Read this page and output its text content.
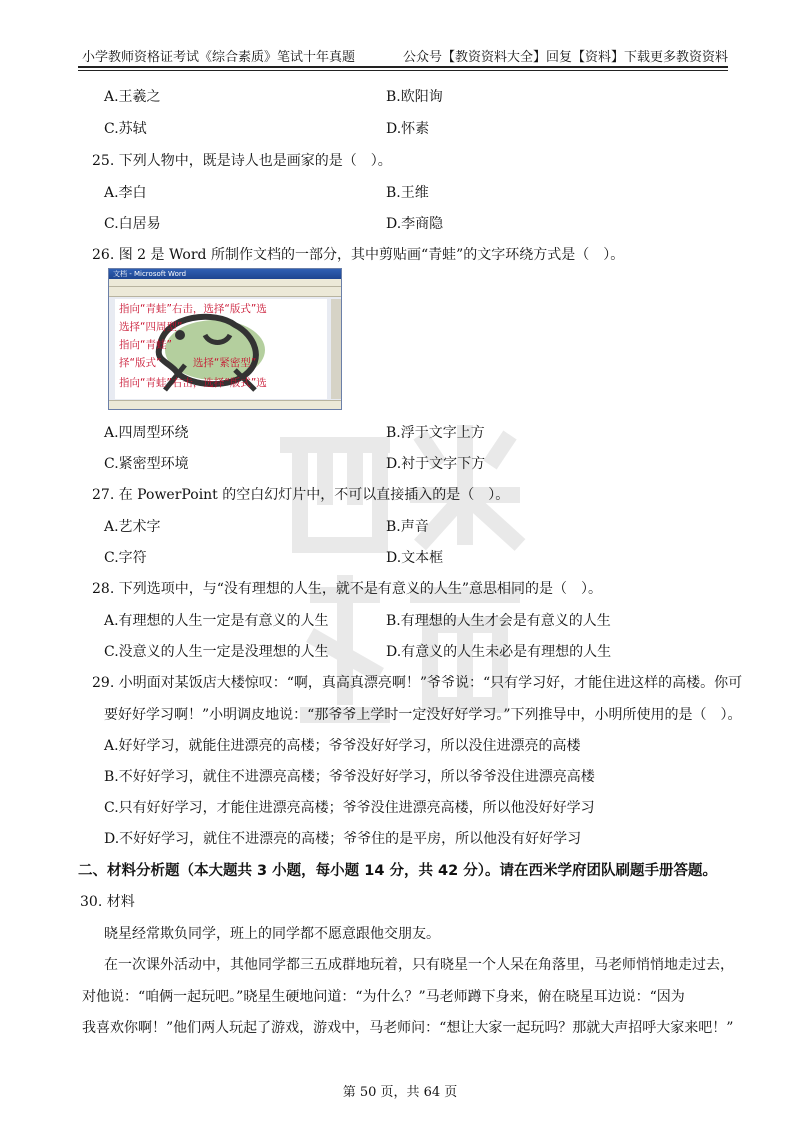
小学教师资格证考试《综合素质》笔试十年真题	公众号【教资资料大全】回复【资料】下载更多教资资料
A.王羲之	B.欧阳询
C.苏轼	D.怀素
25. 下列人物中，既是诗人也是画家的是（　）。
A.李白	B.王维
C.白居易	D.李商隐
26. 图 2 是 Word 所制作文档的一部分，其中剪贴画“青蛙”的文字环绕方式是（　）。
文档 - Microsoft Word
指向“青蛙”右击，选择“版式”选
选择“四周型”
指向“青蛙”
择“版式”　　　选择“紧密型”
指向“青蛙”右击，选择“版式”选
A.四周型环绕	B.浮于文字上方
C.紧密型环境	D.衬于文字下方
27. 在 PowerPoint 的空白幻灯片中，不可以直接插入的是（　）。
A.艺术字	B.声音
C.字符	D.文本框
28. 下列选项中，与“没有理想的人生，就不是有意义的人生”意思相同的是（　）。
A.有理想的人生一定是有意义的人生	B.有理想的人生才会是有意义的人生
C.没意义的人生一定是没理想的人生	D.有意义的人生未必是有理想的人生
29. 小明面对某饭店大楼惊叹：“啊，真高真漂亮啊！”爷爷说：“只有学习好，才能住进这样的高楼。你可
要好好学习啊！”小明调皮地说：“那爷爷上学时一定没好好学习。”下列推导中，小明所使用的是（　）。
A.好好学习，就能住进漂亮的高楼；爷爷没好好学习，所以没住进漂亮的高楼
B.不好好学习，就住不进漂亮高楼；爷爷没好好学习，所以爷爷没住进漂亮高楼
C.只有好好学习，才能住进漂亮高楼；爷爷没住进漂亮高楼，所以他没好好学习
D.不好好学习，就住不进漂亮的高楼；爷爷住的是平房，所以他没有好好学习
二、材料分析题（本大题共 3 小题，每小题 14 分，共 42 分）。请在西米学府团队刷题手册答题。
30. 材料
晓星经常欺负同学，班上的同学都不愿意跟他交朋友。
在一次课外活动中，其他同学都三五成群地玩着，只有晓星一个人呆在角落里，马老师悄悄地走过去，
对他说：“咱俩一起玩吧。”晓星生硬地问道：“为什么？”马老师蹲下身来，俯在晓星耳边说：“因为
我喜欢你啊！”他们两人玩起了游戏，游戏中，马老师问：“想让大家一起玩吗？那就大声招呼大家来吧！”
第 50 页，共 64 页
